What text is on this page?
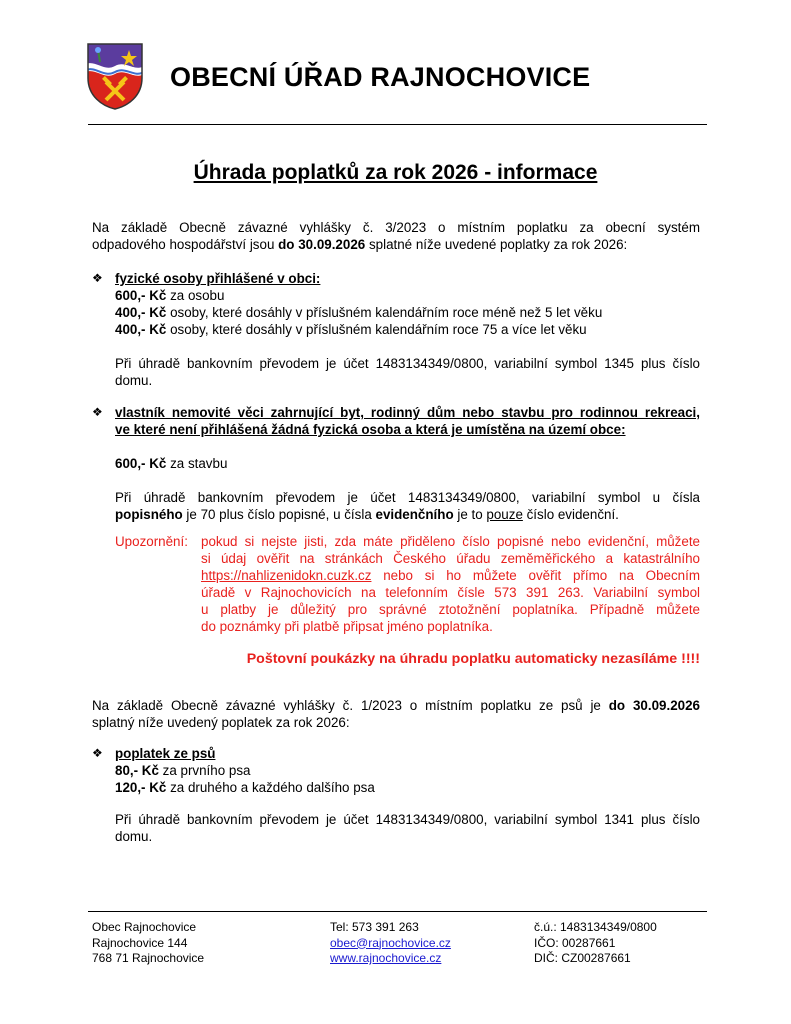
OBECNÍ ÚŘAD RAJNOCHOVICE
Úhrada poplatků za rok 2026 - informace
Na základě Obecně závazné vyhlášky č. 3/2023 o místním poplatku za obecní systém
odpadového hospodářství jsou do 30.09.2026 splatné níže uvedené poplatky za rok 2026:
❖ fyzické osoby přihlášené v obci:
600,- Kč za osobu
400,- Kč osoby, které dosáhly v příslušném kalendářním roce méně než 5 let věku
400,- Kč osoby, které dosáhly v příslušném kalendářním roce 75 a více let věku
Při úhradě bankovním převodem je účet 1483134349/0800, variabilní symbol 1345 plus číslo
domu.
❖ vlastník nemovité věci zahrnující byt, rodinný dům nebo stavbu pro rodinnou rekreaci,
ve které není přihlášená žádná fyzická osoba a která je umístěna na území obce:
600,- Kč za stavbu
Při úhradě bankovním převodem je účet 1483134349/0800, variabilní symbol u čísla
popisného je 70 plus číslo popisné, u čísla evidenčního je to pouze číslo evidenční.
Upozornění: pokud si nejste jisti, zda máte přiděleno číslo popisné nebo evidenční, můžete
si údaj ověřit na stránkách Českého úřadu zeměměřického a katastrálního
https://nahlizenidokn.cuzk.cz nebo si ho můžete ověřit přímo na Obecním
úřadě v Rajnochovicích na telefonním čísle 573 391 263. Variabilní symbol
u platby je důležitý pro správné ztotožnění poplatníka. Případně můžete
do poznámky při platbě připsat jméno poplatníka.
Poštovní poukázky na úhradu poplatku automaticky nezasíláme !!!!
Na základě Obecně závazné vyhlášky č. 1/2023 o místním poplatku ze psů je do 30.09.2026
splatný níže uvedený poplatek za rok 2026:
❖ poplatek ze psů
80,- Kč za prvního psa
120,- Kč za druhého a každého dalšího psa
Při úhradě bankovním převodem je účet 1483134349/0800, variabilní symbol 1341 plus číslo
domu.
Obec Rajnochovice
Rajnochovice 144
768 71 Rajnochovice
Tel: 573 391 263
obec@rajnochovice.cz
www.rajnochovice.cz
č.ú.: 1483134349/0800
IČO: 00287661
DIČ: CZ00287661
